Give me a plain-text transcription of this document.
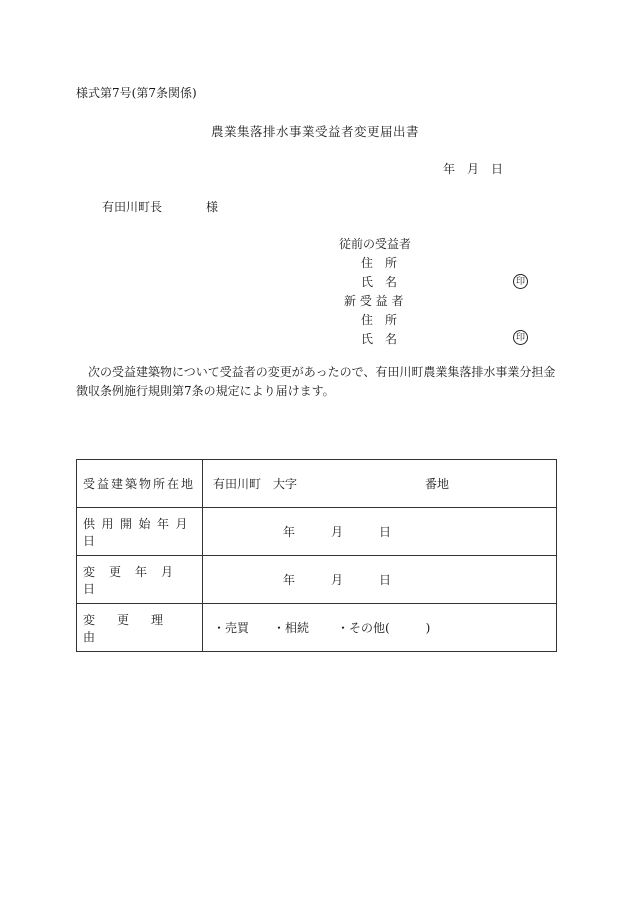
様式第7号(第7条関係)
農業集落排水事業受益者変更届出書
年　月　日
有田川町長	様
従前の受益者
住　所
氏　名	印
新 受 益 者
住　所
氏　名	印
次の受益建築物について受益者の変更があったので、有田川町農業集落排水事業分担金徴収条例施行規則第7条の規定により届けます。
受益建築物所在地	有田川町　大字 番地

供用開始年月日	年 月 日

変更年月日	年 月 日

変更理由	・売買 ・相続 ・その他(　　　)
